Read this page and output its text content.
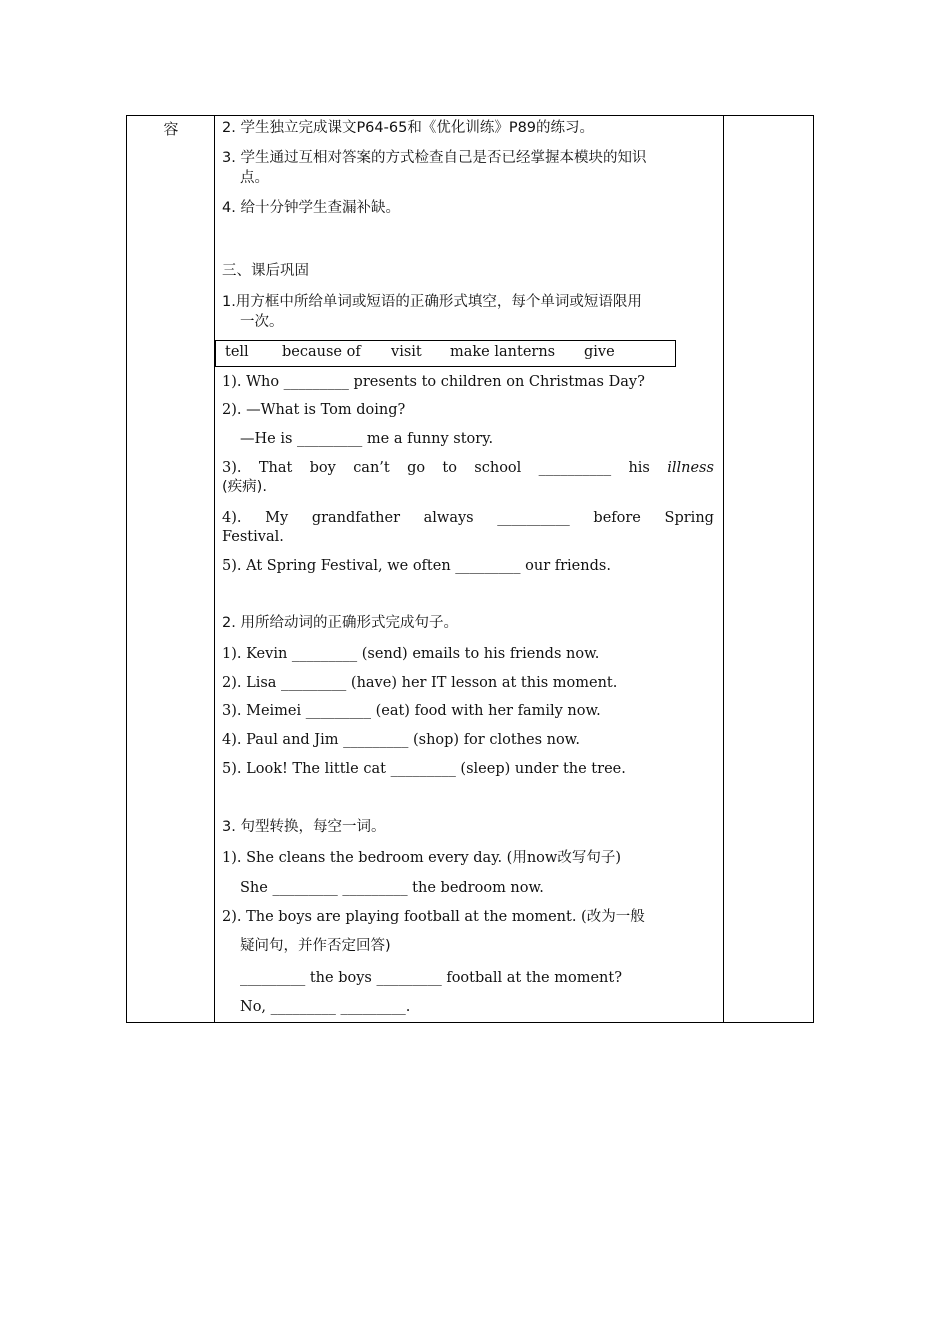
容	2. 学生独立完成课文P64-65和《优化训练》P89的练习。
3. 学生通过互相对答案的方式检查自己是否已经掌握本模块的知识
点。
4. 给十分钟学生查漏补缺。
三、课后巩固
1.用方框中所给单词或短语的正确形式填空，每个单词或短语限用
一次。
tell because of visit make lanterns give
1). Who _________ presents to children on Christmas Day?
2). —What is Tom doing?
—He is _________ me a funny story.
3). That boy can’t go to school __________ his illness
(疾病).
4). My grandfather always __________ before Spring
Festival.
5). At Spring Festival, we often _________ our friends.
2. 用所给动词的正确形式完成句子。
1). Kevin _________ (send) emails to his friends now.
2). Lisa _________ (have) her IT lesson at this moment.
3). Meimei _________ (eat) food with her family now.
4). Paul and Jim _________ (shop) for clothes now.
5). Look! The little cat _________ (sleep) under the tree.
3. 句型转换，每空一词。
1). She cleans the bedroom every day. (用now改写句子)
She _________ _________ the bedroom now.
2). The boys are playing football at the moment. (改为一般
疑问句，并作否定回答)
_________ the boys _________ football at the moment?
No, _________ _________.
